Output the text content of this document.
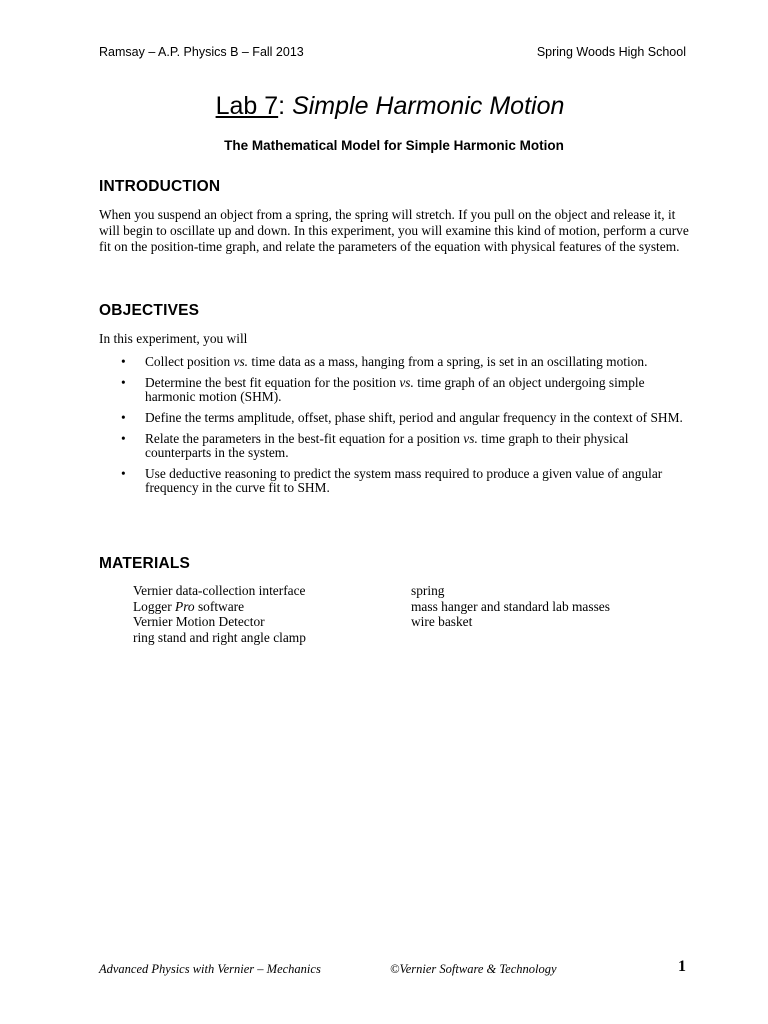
Ramsay – A.P. Physics B – Fall 2013	Spring Woods High School
Lab 7: Simple Harmonic Motion
The Mathematical Model for Simple Harmonic Motion
INTRODUCTION
When you suspend an object from a spring, the spring will stretch. If you pull on the object and release it, it will begin to oscillate up and down. In this experiment, you will examine this kind of motion, perform a curve fit on the position-time graph, and relate the parameters of the equation with physical features of the system.
OBJECTIVES
In this experiment, you will
• Collect position vs. time data as a mass, hanging from a spring, is set in an oscillating motion.
• Determine the best fit equation for the position vs. time graph of an object undergoing simple harmonic motion (SHM).
• Define the terms amplitude, offset, phase shift, period and angular frequency in the context of SHM.
• Relate the parameters in the best-fit equation for a position vs. time graph to their physical counterparts in the system.
• Use deductive reasoning to predict the system mass required to produce a given value of angular frequency in the curve fit to SHM.
MATERIALS
Vernier data-collection interface
Logger Pro software
Vernier Motion Detector
ring stand and right angle clamp
spring
mass hanger and standard lab masses
wire basket
Advanced Physics with Vernier – Mechanics	©Vernier Software & Technology	1
